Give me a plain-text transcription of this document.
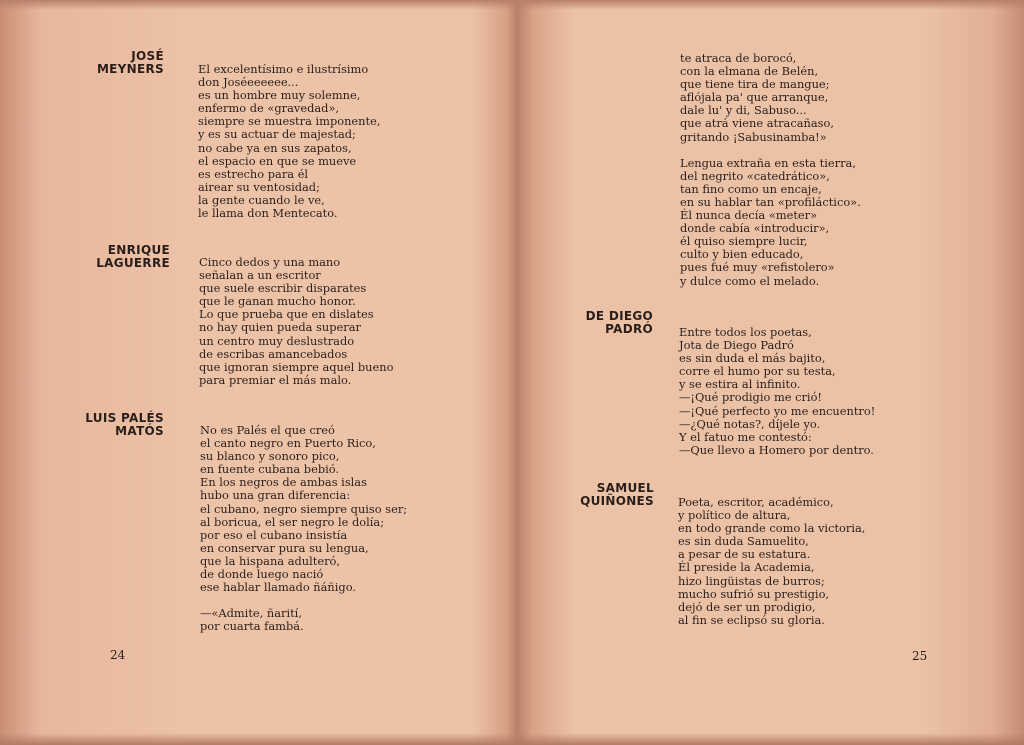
JOSÉ
MEYNERS	El excelentísimo e ilustrísimo
don Joséeeeeee...
es un hombre muy solemne,
enfermo de «gravedad»,
siempre se muestra imponente,
y es su actuar de majestad;
no cabe ya en sus zapatos,
el espacio en que se mueve
es estrecho para él
airear su ventosidad;
la gente cuando le ve,
le llama don Mentecato.
ENRIQUE
LAGUERRE	Cinco dedos y una mano
señalan a un escritor
que suele escribir disparates
que le ganan mucho honor.
Lo que prueba que en dislates
no hay quien pueda superar
un centro muy deslustrado
de escribas amancebados
que ignoran siempre aquel bueno
para premiar el más malo.
LUIS PALÉS
MATÓS	No es Palés el que creó
el canto negro en Puerto Rico,
su blanco y sonoro pico,
en fuente cubana bebió.
En los negros de ambas islas
hubo una gran diferencia:
el cubano, negro siempre quiso ser;
al boricua, el ser negro le dolía;
por eso el cubano insistía
en conservar pura su lengua,
que la hispana adulteró,
de donde luego nació
ese hablar llamado ñáñigo.
—«Admite, ñarití,
por cuarta fambá.
24
te atraca de borocó,
con la elmana de Belén,
que tiene tira de mangue;
aflójala pa' que arranque,
dale lu' y di, Sabuso...
que atrá viene atracañaso,
gritando ¡Sabusinamba!»
Lengua extraña en esta tierra,
del negrito «catedrático»,
tan fino como un encaje,
en su hablar tan «profiláctico».
Él nunca decía «meter»
donde cabía «introducir»,
él quiso siempre lucir,
culto y bien educado,
pues fué muy «refistolero»
y dulce como el melado.
DE DIEGO
PADRÓ Entre todos los poetas,
Jota de Diego Padró
es sin duda el más bajito,
corre el humo por su testa,
y se estira al infinito.
—¡Qué prodigio me crió!
—¡Qué perfecto yo me encuentro!
—¿Qué notas?, díjele yo.
Y el fatuo me contestó:
—Que llevo a Homero por dentro.
SAMUEL
QUIÑONES Poeta, escritor, académico,
y político de altura,
en todo grande como la victoria,
es sin duda Samuelito,
a pesar de su estatura.
Él preside la Academia,
hizo lingüistas de burros;
mucho sufrió su prestigio,
dejó de ser un prodigio,
al fin se eclipsó su gloria.
25
